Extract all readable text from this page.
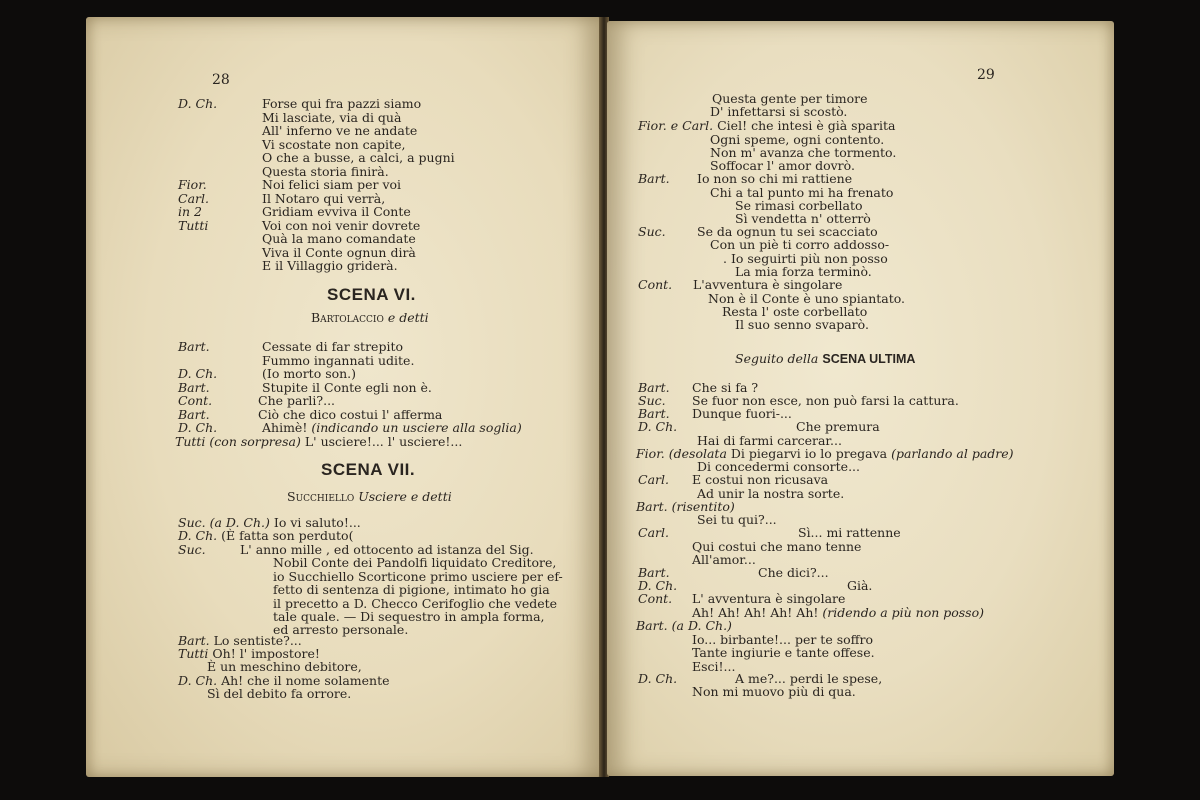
28
D. Ch.	Forse qui fra pazzi siamo
Mi lasciate, via di quà
All' inferno ve ne andate
Vi scostate non capite,
O che a busse, a calci, a pugni
Questa storia finirà.
Fior.	Noi felici siam per voi
Carl.	Il Notaro qui verrà,
in 2	Gridiam evviva il Conte
Tutti	Voi con noi venir dovrete
Quà la mano comandate
Viva il Conte ognun dirà
E il Villaggio griderà.
SCENA VI.
Bartolaccio e detti
Bart.	Cessate di far strepito
Fummo ingannati udite.
D. Ch.	(Io morto son.)
Bart.	Stupite il Conte egli non è.
Cont.	Che parli?...
Bart.	Ciò che dico costui l' afferma
D. Ch.	Ahimè! (indicando un usciere alla soglia)
Tutti (con sorpresa) L' usciere!... l' usciere!...
SCENA VII.
Succhiello Usciere e detti
Suc. (a D. Ch.) Io vi saluto!...
D. Ch. (È fatta son perduto(
Suc.	L' anno mille , ed ottocento ad istanza del Sig.
Nobil Conte dei Pandolfi liquidato Creditore,
io Succhiello Scorticone primo usciere per ef-
fetto di sentenza di pigione, intimato ho gia
il precetto a D. Checco Cerifoglio che vedete
tale quale. — Di sequestro in ampla forma,
ed arresto personale.
Bart. Lo sentiste?...
Tutti Oh! l' impostore!
È un meschino debitore,
D. Ch. Ah! che il nome solamente
Sì del debito fa orrore.
29
Questa gente per timore
D' infettarsi si scostò.
Fior. e Carl. Ciel! che intesi è già sparita
Ogni speme, ogni contento.
Non m' avanza che tormento.
Soffocar l' amor dovrò.
Bart. Io non so chi mi rattiene
Chi a tal punto mi ha frenato
Se rimasi corbellato
Sì vendetta n' otterrò
Suc.	Se da ognun tu sei scacciato
Con un piè ti corro addosso-
. Io seguirti più non posso
La mia forza terminò.
Cont. L'avventura è singolare
Non è il Conte è uno spiantato.
Resta l' oste corbellato
Il suo senno svaparò.
Seguito della SCENA ULTIMA
Bart. Che si fa ?
Suc. Se fuor non esce, non può farsi la cattura.
Bart. Dunque fuori-...
D. Ch.	Che premura
Hai di farmi carcerar...
Fior. (desolata Di piegarvi io lo pregava (parlando al padre)
Di concedermi consorte...
Carl. E costui non ricusava
Ad unir la nostra sorte.
Bart. (risentito)
Sei tu qui?...
Carl.	Sì... mi rattenne
Qui costui che mano tenne
All'amor...
Bart.	Che dici?...
D. Ch.	Già.
Cont. L' avventura è singolare
Ah! Ah! Ah! Ah! Ah! (ridendo a più non posso)
Bart. (a D. Ch.)
Io... birbante!... per te soffro
Tante ingiurie e tante offese.
Esci!...
D. Ch.	A me?... perdi le spese,
Non mi muovo più di qua.
